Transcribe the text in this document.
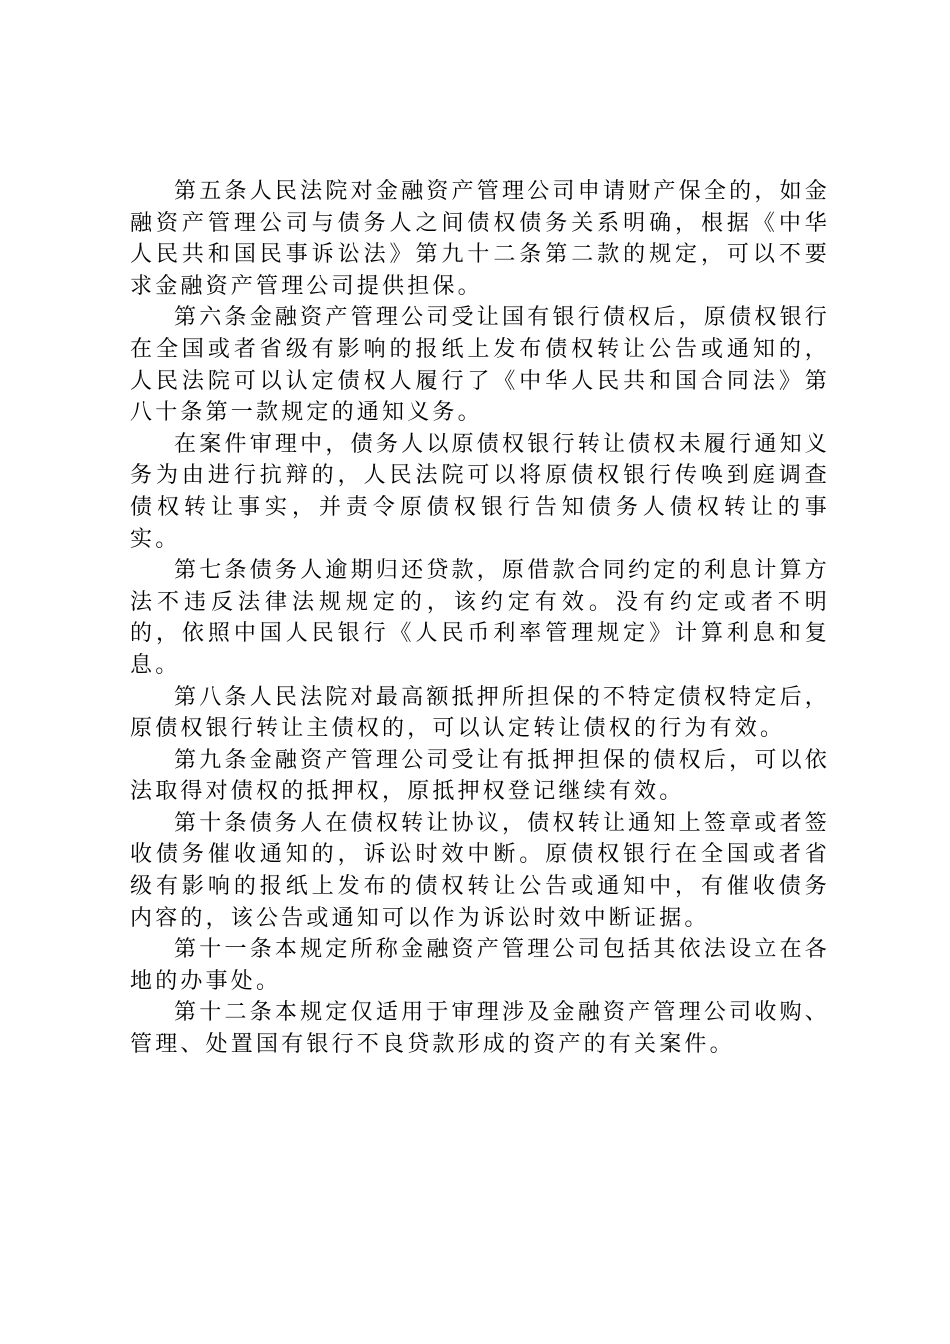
第五条人民法院对金融资产管理公司申请财产保全的，如金融资产管理公司与债务人之间债权债务关系明确，根据《中华人民共和国民事诉讼法》第九十二条第二款的规定，可以不要求金融资产管理公司提供担保。

第六条金融资产管理公司受让国有银行债权后，原债权银行在全国或者省级有影响的报纸上发布债权转让公告或通知的，人民法院可以认定债权人履行了《中华人民共和国合同法》第八十条第一款规定的通知义务。

在案件审理中，债务人以原债权银行转让债权未履行通知义务为由进行抗辩的，人民法院可以将原债权银行传唤到庭调查债权转让事实，并责令原债权银行告知债务人债权转让的事实。

第七条债务人逾期归还贷款，原借款合同约定的利息计算方法不违反法律法规规定的，该约定有效。没有约定或者不明的，依照中国人民银行《人民币利率管理规定》计算利息和复息。

第八条人民法院对最高额抵押所担保的不特定债权特定后，原债权银行转让主债权的，可以认定转让债权的行为有效。

第九条金融资产管理公司受让有抵押担保的债权后，可以依法取得对债权的抵押权，原抵押权登记继续有效。

第十条债务人在债权转让协议，债权转让通知上签章或者签收债务催收通知的，诉讼时效中断。原债权银行在全国或者省级有影响的报纸上发布的债权转让公告或通知中，有催收债务内容的，该公告或通知可以作为诉讼时效中断证据。

第十一条本规定所称金融资产管理公司包括其依法设立在各地的办事处。

第十二条本规定仅适用于审理涉及金融资产管理公司收购、管理、处置国有银行不良贷款形成的资产的有关案件。
